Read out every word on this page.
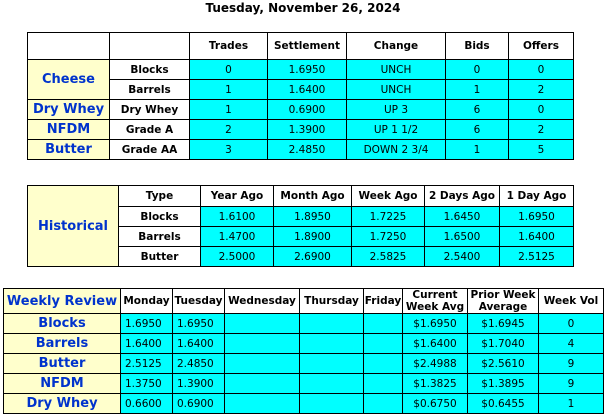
Tuesday, November 26, 2024
		Trades	Settlement	Change	Bids	Offers
Cheese	Blocks	0	1.6950	UNCH	0	0
	Barrels	1	1.6400	UNCH	1	2
Dry Whey	Dry Whey	1	0.6900	UP 3	6	0
NFDM	Grade A	2	1.3900	UP 1 1/2	6	2
Butter	Grade AA	3	2.4850	DOWN 2 3/4	1	5
Historical	Type	Year Ago	Month Ago	Week Ago	2 Days Ago	1 Day Ago
	Blocks	1.6100	1.8950	1.7225	1.6450	1.6950
	Barrels	1.4700	1.8900	1.7250	1.6500	1.6400
	Butter	2.5000	2.6900	2.5825	2.5400	2.5125
Weekly Review	Monday	Tuesday	Wednesday	Thursday	Friday	Current Week Avg	Prior Week Average	Week Vol
Blocks	1.6950	1.6950				$1.6950	$1.6945	0
Barrels	1.6400	1.6400				$1.6400	$1.7040	4
Butter	2.5125	2.4850				$2.4988	$2.5610	9
NFDM	1.3750	1.3900				$1.3825	$1.3895	9
Dry Whey	0.6600	0.6900				$0.6750	$0.6455	1
